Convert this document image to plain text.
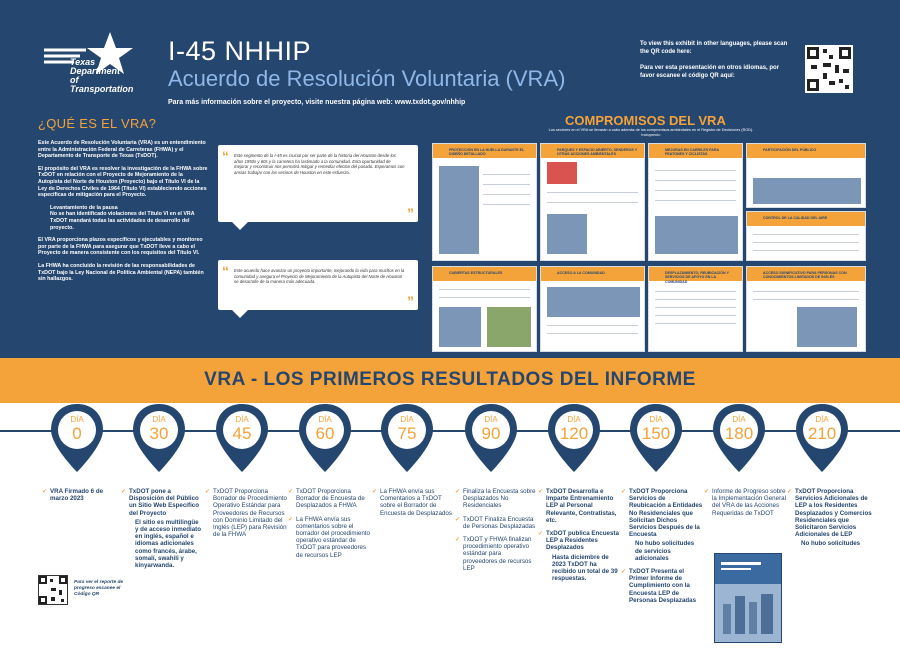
Texas Department of Transportation
I-45 NHHIP
Acuerdo de Resolución Voluntaria (VRA)
Para más información sobre el proyecto, visite nuestra página web: www.txdot.gov/nhhip

To view this exhibit in other languages, please scan the QR code here:

Para ver esta presentación en otros idiomas, por favor escanee el código QR aquí:

¿QUÉ ES EL VRA?

Este Acuerdo de Resolución Voluntaria (VRA) es un entendimiento entre la Administración Federal de Carreteras (FHWA) y el Departamento de Transporte de Texas (TxDOT).

El propósito del VRA es resolver la investigación de la FHWA sobre TxDOT en relación con el Proyecto de Mejoramiento de la Autopista del Norte de Houston (Proyecto) bajo el Título VI de la Ley de Derechos Civiles de 1964 (Título VI) estableciendo acciones específicas de mitigación para el Proyecto.

Levantamiento de la pausa
No se han identificado violaciones del Título VI en el VRA TxDOT mandará todas las actividades de desarrollo del proyecto.

El VRA proporciona plazos específicos y ejecutables y monitoreo por parte de la FHWA para asegurar que TxDOT lleve a cabo el Proyecto de manera consistente con los requisitos del Título VI.

La FHWA ha concluido la revisión de las responsabilidades de TxDOT bajo la Ley Nacional de Política Ambiental (NEPA) también sin hallazgos.

“ Este segmento de la I-45 es crucial por ser parte de la historia del Houston desde los años 1950s y 60s y la carretera ha lastimado a la comunidad. Esta oportunidad de mejorar y reconstruir nos permitirá mitigar y remediar efectos del pasado. Esperamos con ansias trabajar con los vecinos de Houston en este esfuerzo.
”
“ Este acuerdo hace avanzar un proyecto importante, mejorando la vida para muchos en la comunidad y asegura el Proyecto de Mejoramiento de la Autopista del Norte de Houston se desarrolle de la manera más adecuada.
”
COMPROMISOS DEL VRA
Los sectores en el VRA se llevarán a cabo además de los compromisos ambientales en el Registro de Decisiones (ROD). Incluyendo:
PROTECCIÓN EN LA HUELLA DURANTE EL DISEÑO DETALLADO
PARQUES Y ESPACIO ABIERTO, SENDEROS Y OTRAS ACCIONES AMBIENTALES
MEJORAS EN CARRILES PARA PEATONES Y CICLISTAS
PARTICIPACIÓN DEL PÚBLICO
CONTROL DE LA CALIDAD DEL AIRE
CUBIERTAS ESTRUCTURALES	ACCESO A LA COMUNIDAD	DESPLAZAMIENTO, REUBICACIÓN Y SERVICIOS DE APOYO EN LA COMUNIDAD
ACCESO SIGNIFICATIVO PARA PERSONAS CON CONOCIMIENTOS LIMITADOS DE INGLÉS
VRA - LOS PRIMEROS RESULTADOS DEL INFORME
DÍA
0
DÍA
30
DÍA
45
DÍA
60
DÍA
75
DÍA
90
DÍA
120
DÍA
150
DÍA
180
DÍA
210
✓ VRA Firmado 6 de marzo 2023
✓ TxDOT pone a Disposición del Público un Sitio Web Específico del Proyecto
El sitio es multilingüe y de acceso inmediato en inglés, español e idiomas adicionales como francés, árabe, somalí, swahili y kinyarwanda.
✓ TxDOT Proporciona Borrador de Procedimiento Operativo Estándar para Proveedores de Recursos con Dominio Limitado del Inglés (LEP) para Revisión de la FHWA
✓ TxDOT Proporciona Borrador de Encuesta de Desplazados a FHWA
✓ La FHWA envía sus comentarios sobre el borrador del procedimiento operativo estándar de TxDOT para proveedores de recursos LEP
✓ La FHWA envía sus Comentarios a TxDOT sobre el Borrador de Encuesta de Desplazados
✓ Finaliza la Encuesta sobre Desplazados No Residenciales
✓ TxDOT Finaliza Encuesta de Personas Desplazadas
✓ TxDOT y FHWA finalizan procedimiento operativo estándar para proveedores de recursos LEP
✓ TxDOT Desarrolla e Imparte Entrenamiento LEP al Personal Relevante, Contratistas, etc.
✓ TxDOT publica Encuesta LEP a Residentes Desplazados
Hasta diciembre de 2023 TxDOT ha recibido un total de 39 respuestas.
✓ TxDOT Proporciona Servicios de Reubicación a Entidades No Residenciales que Solicitan Dichos Servicios Después de la Encuesta
No hubo solicitudes de servicios adicionales
✓ TxDOT Presenta el Primer Informe de Cumplimiento con la Encuesta LEP de Personas Desplazadas
✓ Informe de Progreso sobre la Implementación General del VRA de las Acciones Requeridas de TxDOT
✓ TxDOT Proporciona Servicios Adicionales de LEP a los Residentes Desplazados y Comercios Residenciales que Solicitaron Servicios Adicionales de LEP
No hubo solicitudes
Para ver el reporte de progreso escanee el Código QR
